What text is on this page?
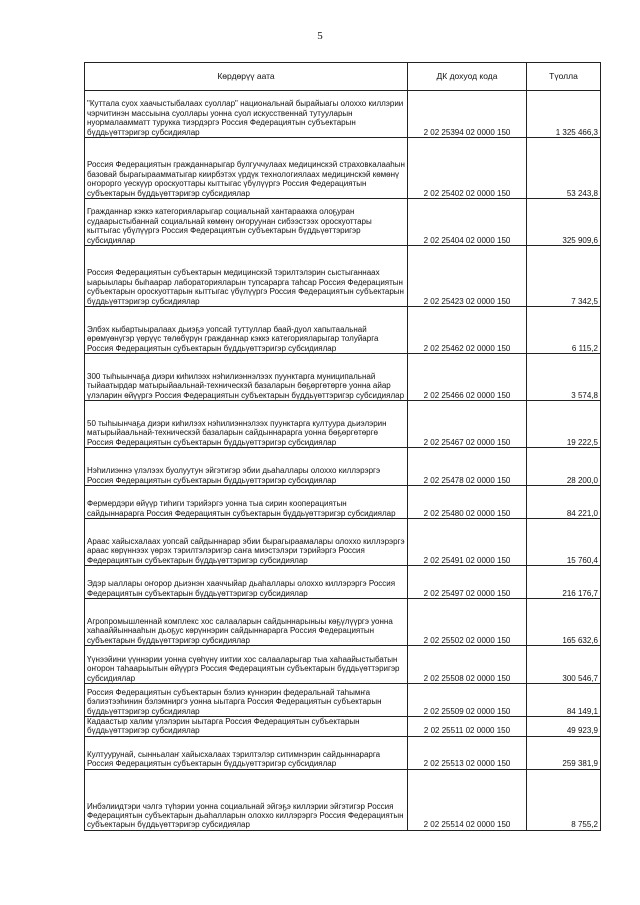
5
Көрдөрүү аата	ДК дохуод кода	Түолла
"Куттала суох хаачыстыбалаах суоллар" национальнай бырайыагы олоххо киллэрии чэрчитинэн массыына суоллары уонна суол искусственнай тутууларын нуормалаамматт турукка тиэрдэргэ Россия Федерациятын субъектарын бүддьүөттэригэр субсидиялар	2 02 25394 02 0000 150	1 325 466,3
Россия Федерациятын гражданнарыгар булгуччулаах медицинскэй страховкалааһын базовай бырагыраамматыгар киирбэтэх үрдүк технологиялаах медицинскэй көмөнү оҥорорго үескүүр ороскуоттары кыттыгас үбүлүүргэ Россия Федерациятын субъектарын бүддьүөттэригэр субсидиялар	2 02 25402 02 0000 150	53 243,8
Гражданнар кэккэ категорияларыгар социальнай хантараакка олоҕуран судаарыстыбаннай социальнай көмөнү оҥоруунан сибээстээх ороскуоттары кыттыгас үбүлүүргэ Россия Федерациятын субъектарын бүддьүөттэригэр субсидиялар	2 02 25404 02 0000 150	325 909,6
Россия Федерациятын субъектарын медицинскэй тэрилтэлэрин сыстыганнаах ыарыылары быһаарар лабораторияларын тупсарарга таһсар Россия Федерациятын субъектарын ороскуоттарын кыттыгас үбүлүүргэ Россия Федерациятын субъектарын бүддьүөттэригэр субсидиялар	2 02 25423 02 0000 150	7 342,5
Элбэх кыбартыыралаах дьиэҕэ уопсай туттуллар баай-дуол хапытаальнай өрөмүөнүгэр үөрүүс төлөбүрүн гражданнар кэккэ категорияларыгар толуйарга Россия Федерациятын субъектарын бүддьүөттэригэр субсидиялар	2 02 25462 02 0000 150	6 115,2
300 тыһыынчаҕа диэри киһилээх нэһилиэннэлээх пуунктарга муниципальнай тыйаатырдар матырыйаальнай-техническэй базаларын бөҕөргөтөргө уонна айар үлэларин өйүүргэ Россия Федерациятын субъектарын бүддьүөттэригэр субсидиялар	2 02 25466 02 0000 150	3 574,8
50 тыһыынчаҕа диэри киһилээх нэһилиэннэлээх пуунктарга култуура дьиэлэрин матырыйаальнай-техническэй базаларын сайдыннарарга уонна бөҕөргөтөргө Россия Федерациятын субъектарын бүддьүөттэригэр субсидиялар	2 02 25467 02 0000 150	19 222,5
Нэһилиэннэ үлэлээх буолуутун эйгэтигэр эбии дьаһаллары олоххо киллэрэргэ Россия Федерациятын субъектарын бүддьүөттэригэр субсидиялар	2 02 25478 02 0000 150	28 200,0
Фермердэри өйүүр тиһиги тэрийэргэ уонна тыа сирин кооперациятын сайдыннарарга Россия Федерациятын субъектарын бүддьүөттэригэр субсидиялар	2 02 25480 02 0000 150	84 221,0
Араас хайысхалаах уопсай сайдыннарар эбии бырагыраамалары олоххо киллэрэргэ араас көрүннээх үөрэх тэрилтэлэригэр саҥа миэстэлэри тэрийэргэ Россия Федерациятын субъектарын бүддьүөттэригэр субсидиялар	2 02 25491 02 0000 150	15 760,4
Эдэр ыаллары оҥорор дьиэнэн хааччыйар дьаһаллары олоххо киллэрэргэ Россия Федерациятын субъектарын бүддьүөттэригэр субсидиялар	2 02 25497 02 0000 150	216 176,7
Агропромышленнай комплекс хос салааларын сайдыннарыныы көҕүлүүргэ уонна хаһааййыннааһын дьоҕус көрүннэрин сайдыннарарга Россия Федерациятын субъектарын бүддьүөттэригэр субсидиялар	2 02 25502 02 0000 150	165 632,6
Үүнээйини үүннэрии уонна сүөһүнү иитии хос салааларыгар тыа хаһаайыстыбатын оҥорон таһаарыытын өйүүргэ Россия Федерациятын субъектарын бүддьүөттэригэр субсидиялар	2 02 25508 02 0000 150	300 546,7
Россия Федерациятын субъектарын бэлиэ күннэрин федеральнай таһымҥа бэлиэтээһинин бэлэмниргэ уонна ыытарга Россия Федерациятын субъектарын бүддьүөттэригэр субсидиялар	2 02 25509 02 0000 150	84 149,1
Кадаастыр халим үлэлэрин ыытарга Россия Федерациятын субъектарын бүддьүөттэригэр субсидиялар	2 02 25511 02 0000 150	49 923,9
Култуурунай, сынньалаҥ хайысхалаах тэрилтэлэр ситимнэрин сайдыннарарга Россия Федерациятын субъектарын бүддьүөттэригэр субсидиялар	2 02 25513 02 0000 150	259 381,9
Инбэлиидтэри чэлгэ түһэрии уонна социальнай эйгэҕэ киллэрии эйгэтигэр Россия Федерациятын субъектарын дьаһалларын олоххо киллэрэргэ Россия Федерациятын субъектарын бүддьүөттэригэр субсидиялар	2 02 25514 02 0000 150	8 755,2
